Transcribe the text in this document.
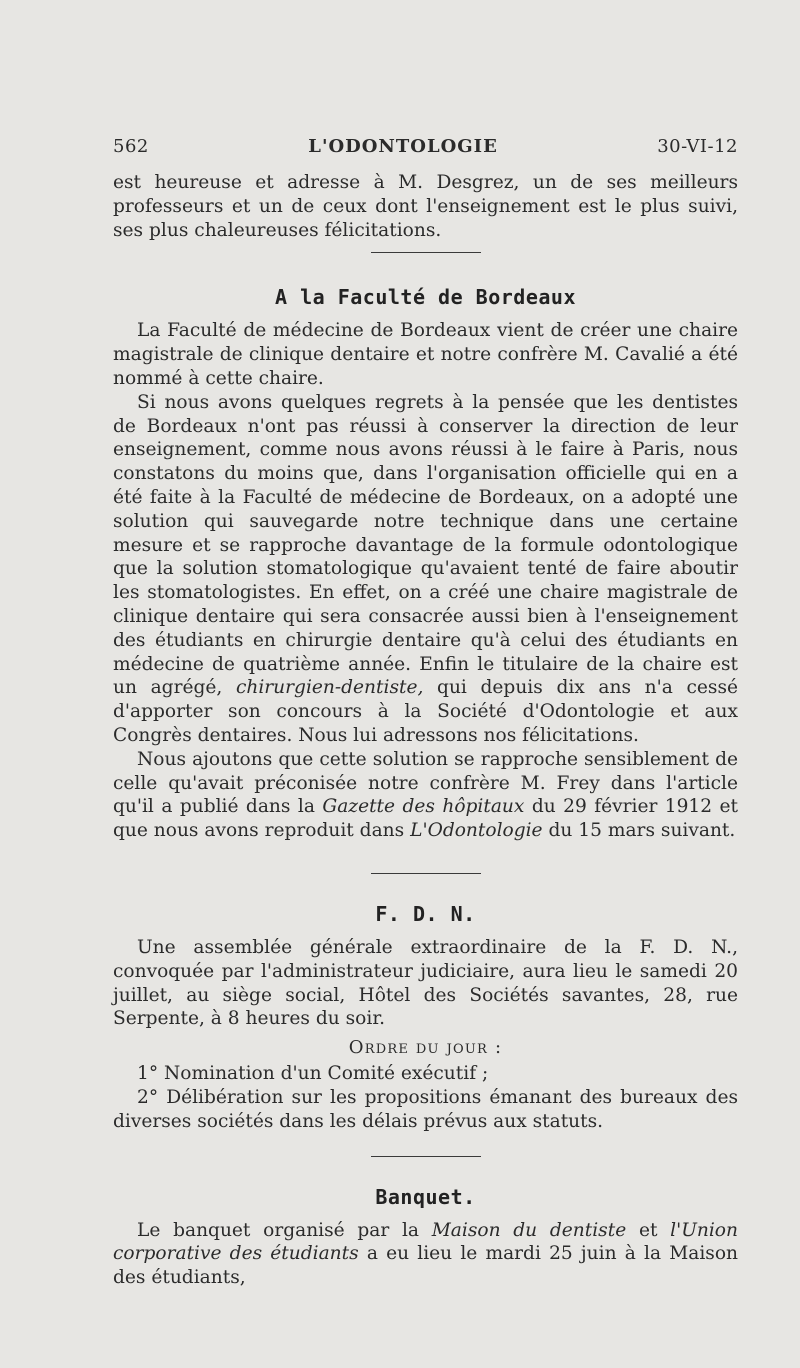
562	L'ODONTOLOGIE	30-VI-12

est heureuse et adresse à M. Desgrez, un de ses meilleurs professeurs et un de ceux dont l'enseignement est le plus suivi, ses plus chaleureuses félicitations.

A la Faculté de Bordeaux

La Faculté de médecine de Bordeaux vient de créer une chaire magistrale de clinique dentaire et notre confrère M. Cavalié a été nommé à cette chaire.

Si nous avons quelques regrets à la pensée que les dentistes de Bordeaux n'ont pas réussi à conserver la direction de leur enseignement, comme nous avons réussi à le faire à Paris, nous constatons du moins que, dans l'organisation officielle qui en a été faite à la Faculté de médecine de Bordeaux, on a adopté une solution qui sauvegarde notre technique dans une certaine mesure et se rapproche davantage de la formule odontologique que la solution stomatologique qu'avaient tenté de faire aboutir les stomatologistes. En effet, on a créé une chaire magistrale de clinique dentaire qui sera consacrée aussi bien à l'enseignement des étudiants en chirurgie dentaire qu'à celui des étudiants en médecine de quatrième année. Enfin le titulaire de la chaire est un agrégé, chirurgien-dentiste, qui depuis dix ans n'a cessé d'apporter son concours à la Société d'Odontologie et aux Congrès dentaires. Nous lui adressons nos félicitations.

Nous ajoutons que cette solution se rapproche sensiblement de celle qu'avait préconisée notre confrère M. Frey dans l'article qu'il a publié dans la Gazette des hôpitaux du 29 février 1912 et que nous avons reproduit dans L'Odontologie du 15 mars suivant.

F. D. N.

Une assemblée générale extraordinaire de la F. D. N., convoquée par l'administrateur judiciaire, aura lieu le samedi 20 juillet, au siège social, Hôtel des Sociétés savantes, 28, rue Serpente, à 8 heures du soir.

Ordre du jour :

1° Nomination d'un Comité exécutif ;

2° Délibération sur les propositions émanant des bureaux des diverses sociétés dans les délais prévus aux statuts.

Banquet.

Le banquet organisé par la Maison du dentiste et l'Union corporative des étudiants a eu lieu le mardi 25 juin à la Maison des étudiants,
